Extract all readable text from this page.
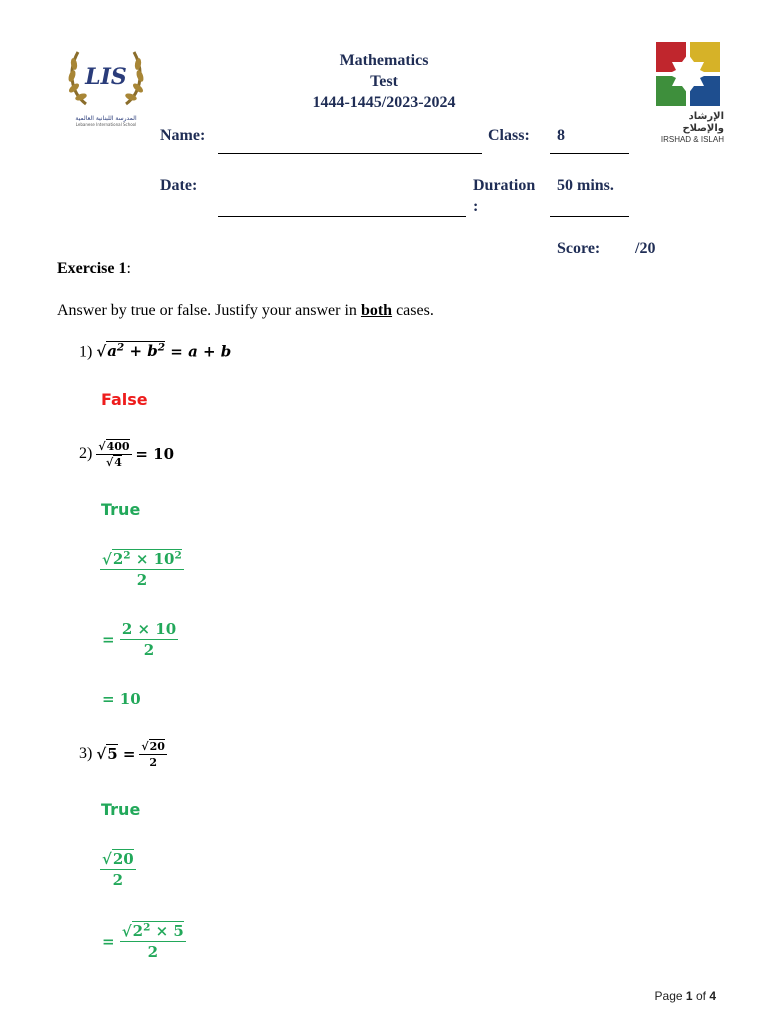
LIS
المدرسة اللبنانية العالمية
Lebanese International School
الإرشاد والإصلاح
IRSHAD & ISLAH
Mathematics
Test
1444-1445/2023-2024
Name:	Class: 8
Date:	Duration
:
50 mins.
Score: /20
Exercise 1:
Answer by true or false. Justify your answer in both cases.
1) $√a^2 + b^2 = a + b$
False
$2) \frac{√400}{√4} = 10$
True
$\frac{√2^2 \times 10^2}{2}$
= $\frac{2 \times 10}{2}$
= 10
3) $√5 = \frac{√20}{2}$
True
$\frac{√20}{2}$
= $\frac{√2^2 \times 5}{2}$
Page 1 of 4
